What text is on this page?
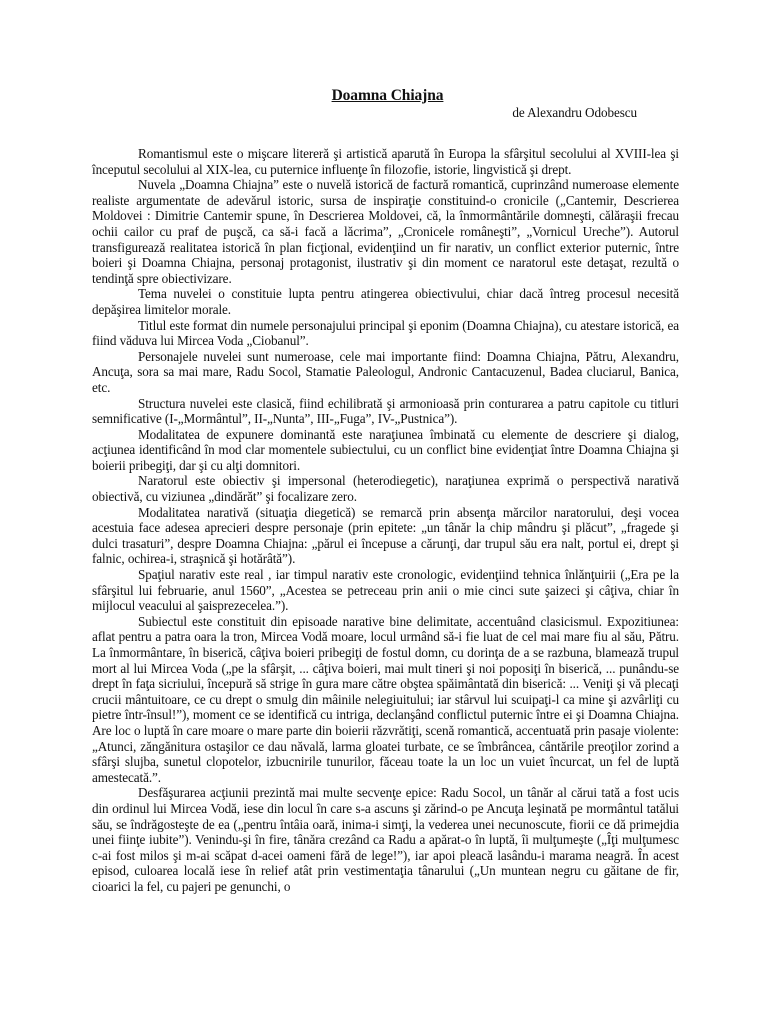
Doamna Chiajna
de Alexandru Odobescu

Romantismul este o mişcare litereră şi artistică aparută în Europa la sfârşitul secolului al XVIII-lea şi începutul secolului al XIX-lea, cu puternice influenţe în filozofie, istorie, lingvistică şi drept.

Nuvela „Doamna Chiajna” este o nuvelă istorică de factură romantică, cuprinzând numeroase elemente realiste argumentate de adevărul istoric, sursa de inspiraţie constituind-o cronicile („Cantemir, Descrierea Moldovei : Dimitrie Cantemir spune, în Descrierea Moldovei, că, la înmormântările domneşti, călăraşii frecau ochii cailor cu praf de puşcă, ca să-i facă a lăcrima”, „Cronicele româneşti”, „Vornicul Ureche”). Autorul transfigurează realitatea istorică în plan ficţional, evidenţiind un fir narativ, un conflict exterior puternic, între boieri şi Doamna Chiajna, personaj protagonist, ilustrativ şi din moment ce naratorul este detaşat, rezultă o tendinţă spre obiectivizare.

Tema nuvelei o constituie lupta pentru atingerea obiectivului, chiar dacă întreg procesul necesită depăşirea limitelor morale.

Titlul este format din numele personajului principal şi eponim (Doamna Chiajna), cu atestare istorică, ea fiind văduva lui Mircea Voda „Ciobanul”.

Personajele nuvelei sunt numeroase, cele mai importante fiind: Doamna Chiajna, Pătru, Alexandru, Ancuţa, sora sa mai mare, Radu Socol, Stamatie Paleologul, Andronic Cantacuzenul, Badea cluciarul, Banica, etc.

Structura nuvelei este clasică, fiind echilibrată şi armonioasă prin conturarea a patru capitole cu titluri semnificative (I-„Mormântul”, II-„Nunta”, III-„Fuga”, IV-„Pustnica”).

Modalitatea de expunere dominantă este naraţiunea îmbinată cu elemente de descriere şi dialog, acţiunea identificând în mod clar momentele subiectului, cu un conflict bine evidenţiat între Doamna Chiajna şi boierii pribegiţi, dar şi cu alţi domnitori.

Naratorul este obiectiv şi impersonal (heterodiegetic), naraţiunea exprimă o perspectivă narativă obiectivă, cu viziunea „dindărăt” şi focalizare zero.

Modalitatea narativă (situaţia diegetică) se remarcă prin absenţa mărcilor naratorului, deşi vocea acestuia face adesea aprecieri despre personaje (prin epitete: „un tânăr la chip mândru şi plăcut”, „fragede şi dulci trasaturi”, despre Doamna Chiajna: „părul ei începuse a cărunţi, dar trupul său era nalt, portul ei, drept şi falnic, ochirea-i, straşnică şi hotărâtă”).

Spaţiul narativ este real , iar timpul narativ este cronologic, evidenţiind tehnica înlănţuirii („Era pe la sfârşitul lui februarie, anul 1560”, „Acestea se petreceau prin anii o mie cinci sute şaizeci şi câţiva, chiar în mijlocul veacului al şaisprezecelea.”).

Subiectul este constituit din episoade narative bine delimitate, accentuând clasicismul. Expozitiunea: aflat pentru a patra oara la tron, Mircea Vodă moare, locul urmând să-i fie luat de cel mai mare fiu al său, Pătru. La înmormântare, în biserică, câţiva boieri pribegiţi de fostul domn, cu dorinţa de a se razbuna, blamează trupul mort al lui Mircea Voda („pe la sfârşit, ... câţiva boieri, mai mult tineri şi noi poposiţi în biserică, ... punându-se drept în faţa sicriului, începură să strige în gura mare către obştea spăimântată din biserică: ... Veniţi şi vă plecaţi crucii mântuitoare, ce cu drept o smulg din mâinile nelegiuitului; iar stârvul lui scuipaţi-l ca mine şi azvârliţi cu pietre într-însul!”), moment ce se identifică cu intriga, declanşând conflictul puternic între ei şi Doamna Chiajna. Are loc o luptă în care moare o mare parte din boierii răzvrătiţi, scenă romantică, accentuată prin pasaje violente: „Atunci, zăngănitura ostaşilor ce dau năvală, larma gloatei turbate, ce se îmbrâncea, cântările preoţilor zorind a sfârşi slujba, sunetul clopotelor, izbucnirile tunurilor, făceau toate la un loc un vuiet încurcat, un fel de luptă amestecată.”.

Desfăşurarea acţiunii prezintă mai multe secvenţe epice: Radu Socol, un tânăr al cărui tată a fost ucis din ordinul lui Mircea Vodă, iese din locul în care s-a ascuns şi zărind-o pe Ancuţa leşinată pe mormântul tatălui său, se îndrăgosteşte de ea („pentru întâia oară, inima-i simţi, la vederea unei necunoscute, fiorii ce dă primejdia unei fiinţe iubite”). Venindu-şi în fire, tânăra crezând ca Radu a apărat-o în luptă, îi mulţumeşte („Îţi mulţumesc c-ai fost milos şi m-ai scăpat d-acei oameni fără de lege!”), iar apoi pleacă lasându-i marama neagră. În acest episod, culoarea locală iese în relief atât prin vestimentaţia tânarului („Un muntean negru cu găitane de fir, cioarici la fel, cu pajeri pe genunchi, o
